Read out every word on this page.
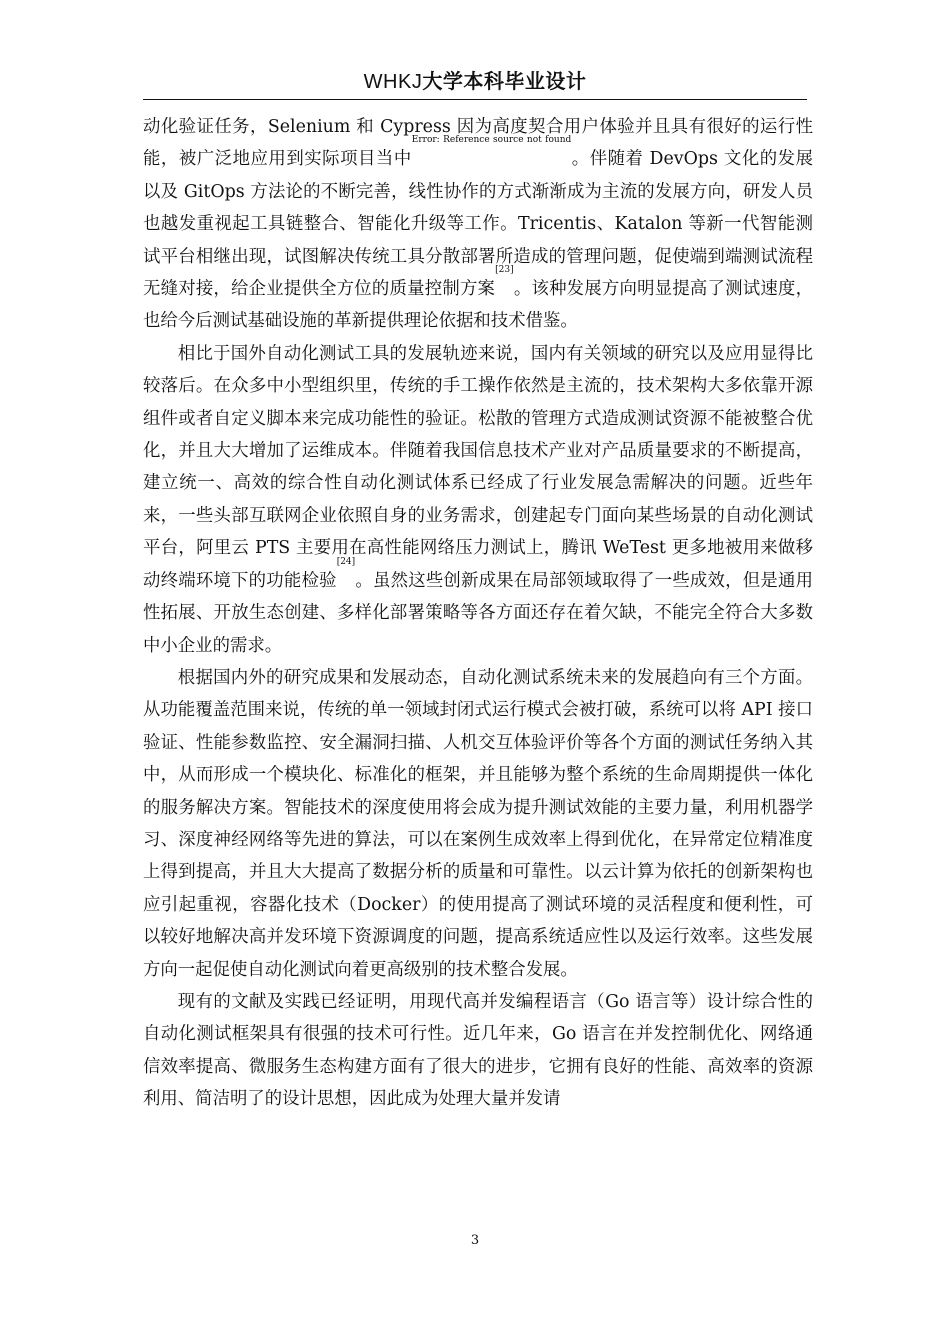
WHKJ大学本科毕业设计

动化验证任务，Selenium 和 Cypress 因为高度契合用户体验并且具有很好的运行性能，被广泛地应用到实际项目当中$^{Error: Reference source not found}$。伴随着 DevOps 文化的发展以及 GitOps 方法论的不断完善，线性协作的方式渐渐成为主流的发展方向，研发人员也越发重视起工具链整合、智能化升级等工作。Tricentis、Katalon 等新一代智能测试平台相继出现，试图解决传统工具分散部署所造成的管理问题，促使端到端测试流程无缝对接，给企业提供全方位的质量控制方案[23]。该种发展方向明显提高了测试速度，也给今后测试基础设施的革新提供理论依据和技术借鉴。

相比于国外自动化测试工具的发展轨迹来说，国内有关领域的研究以及应用显得比较落后。在众多中小型组织里，传统的手工操作依然是主流的，技术架构大多依靠开源组件或者自定义脚本来完成功能性的验证。松散的管理方式造成测试资源不能被整合优化，并且大大增加了运维成本。伴随着我国信息技术产业对产品质量要求的不断提高，建立统一、高效的综合性自动化测试体系已经成了行业发展急需解决的问题。近些年来，一些头部互联网企业依照自身的业务需求，创建起专门面向某些场景的自动化测试平台，阿里云 PTS 主要用在高性能网络压力测试上，腾讯 WeTest 更多地被用来做移动终端环境下的功能检验[24]。虽然这些创新成果在局部领域取得了一些成效，但是通用性拓展、开放生态创建、多样化部署策略等各方面还存在着欠缺，不能完全符合大多数中小企业的需求。

根据国内外的研究成果和发展动态，自动化测试系统未来的发展趋向有三个方面。从功能覆盖范围来说，传统的单一领域封闭式运行模式会被打破，系统可以将 API 接口验证、性能参数监控、安全漏洞扫描、人机交互体验评价等各个方面的测试任务纳入其中，从而形成一个模块化、标准化的框架，并且能够为整个系统的生命周期提供一体化的服务解决方案。智能技术的深度使用将会成为提升测试效能的主要力量，利用机器学习、深度神经网络等先进的算法，可以在案例生成效率上得到优化，在异常定位精准度上得到提高，并且大大提高了数据分析的质量和可靠性。以云计算为依托的创新架构也应引起重视，容器化技术（Docker）的使用提高了测试环境的灵活程度和便利性，可以较好地解决高并发环境下资源调度的问题，提高系统适应性以及运行效率。这些发展方向一起促使自动化测试向着更高级别的技术整合发展。

现有的文献及实践已经证明，用现代高并发编程语言（Go 语言等）设计综合性的自动化测试框架具有很强的技术可行性。近几年来，Go 语言在并发控制优化、网络通信效率提高、微服务生态构建方面有了很大的进步，它拥有良好的性能、高效率的资源利用、简洁明了的设计思想，因此成为处理大量并发请

3
